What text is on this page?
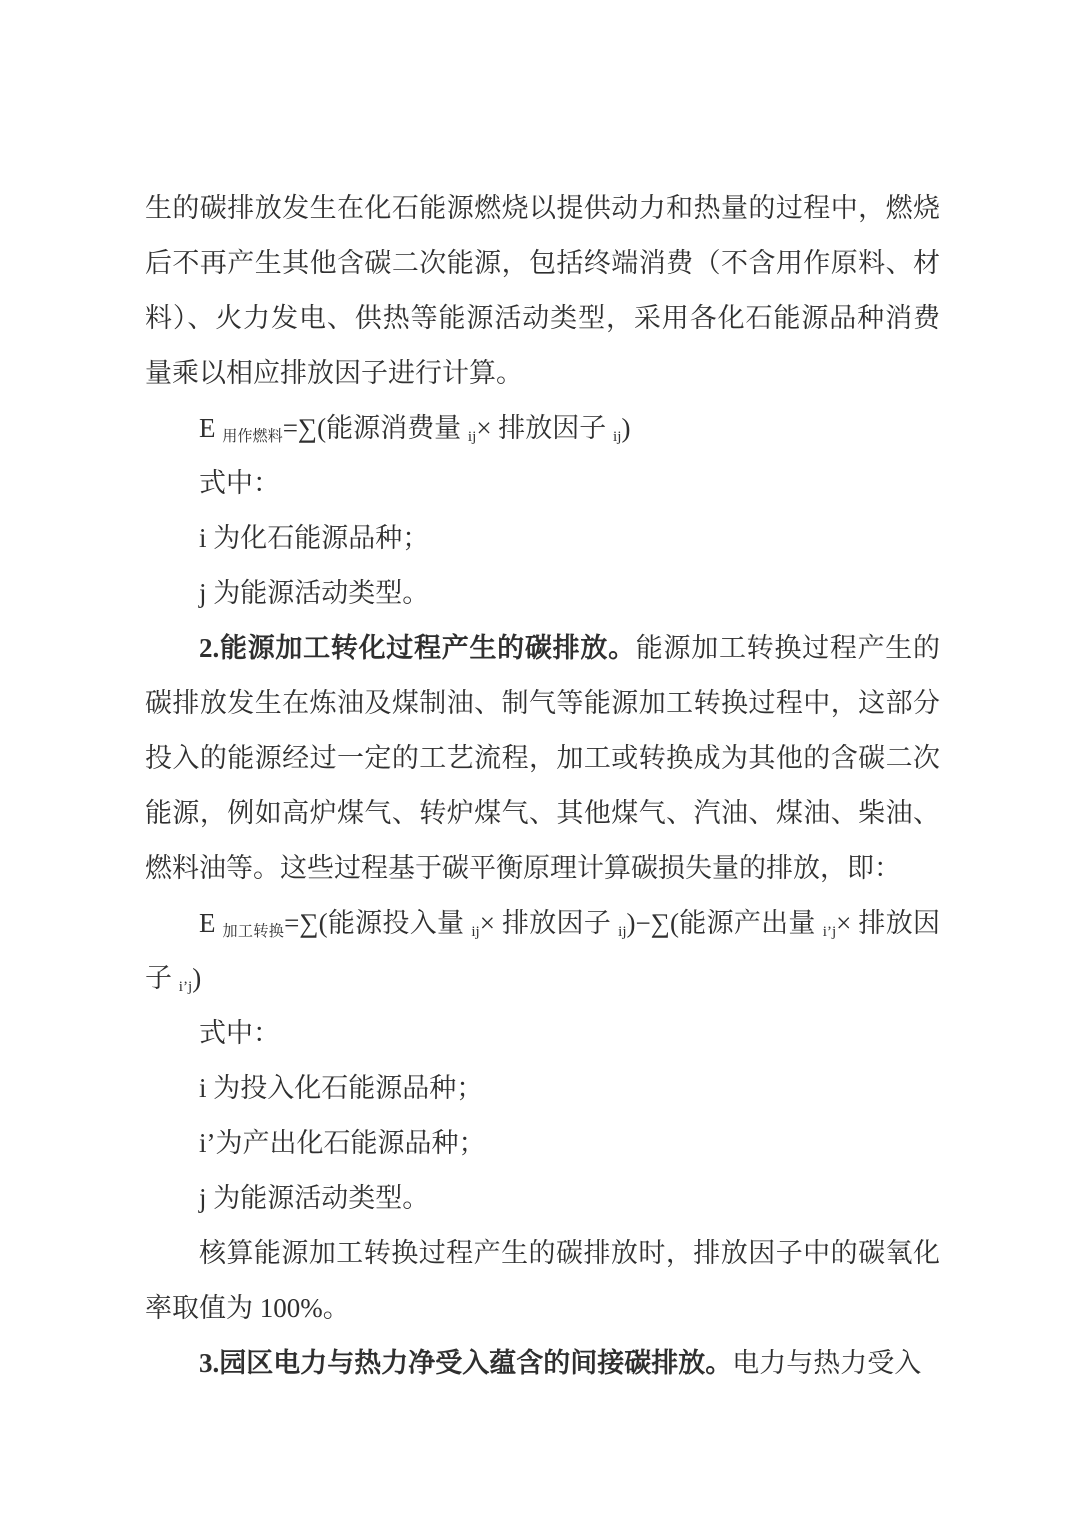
生的碳排放发生在化石能源燃烧以提供动力和热量的过程中，燃烧后不再产生其他含碳二次能源，包括终端消费（不含用作原料、材料）、火力发电、供热等能源活动类型，采用各化石能源品种消费量乘以相应排放因子进行计算。

E $_{用作燃料}$=∑(能源消费量 $_{ij}$× 排放因子 $_{ij}$)

式中：

i 为化石能源品种；

j 为能源活动类型。

2.能源加工转化过程产生的碳排放。能源加工转换过程产生的碳排放发生在炼油及煤制油、制气等能源加工转换过程中，这部分投入的能源经过一定的工艺流程，加工或转换成为其他的含碳二次能源，例如高炉煤气、转炉煤气、其他煤气、汽油、煤油、柴油、燃料油等。这些过程基于碳平衡原理计算碳损失量的排放，即：

E $_{加工转换}$=∑(能源投入量 $_{ij}$× 排放因子 $_{ij}$)−∑(能源产出量 $_{i’j}$× 排放因子 $_{i’j}$)

式中：

i 为投入化石能源品种；

i’为产出化石能源品种；

j 为能源活动类型。

核算能源加工转换过程产生的碳排放时，排放因子中的碳氧化率取值为 100%。

3.园区电力与热力净受入蕴含的间接碳排放。电力与热力受入
